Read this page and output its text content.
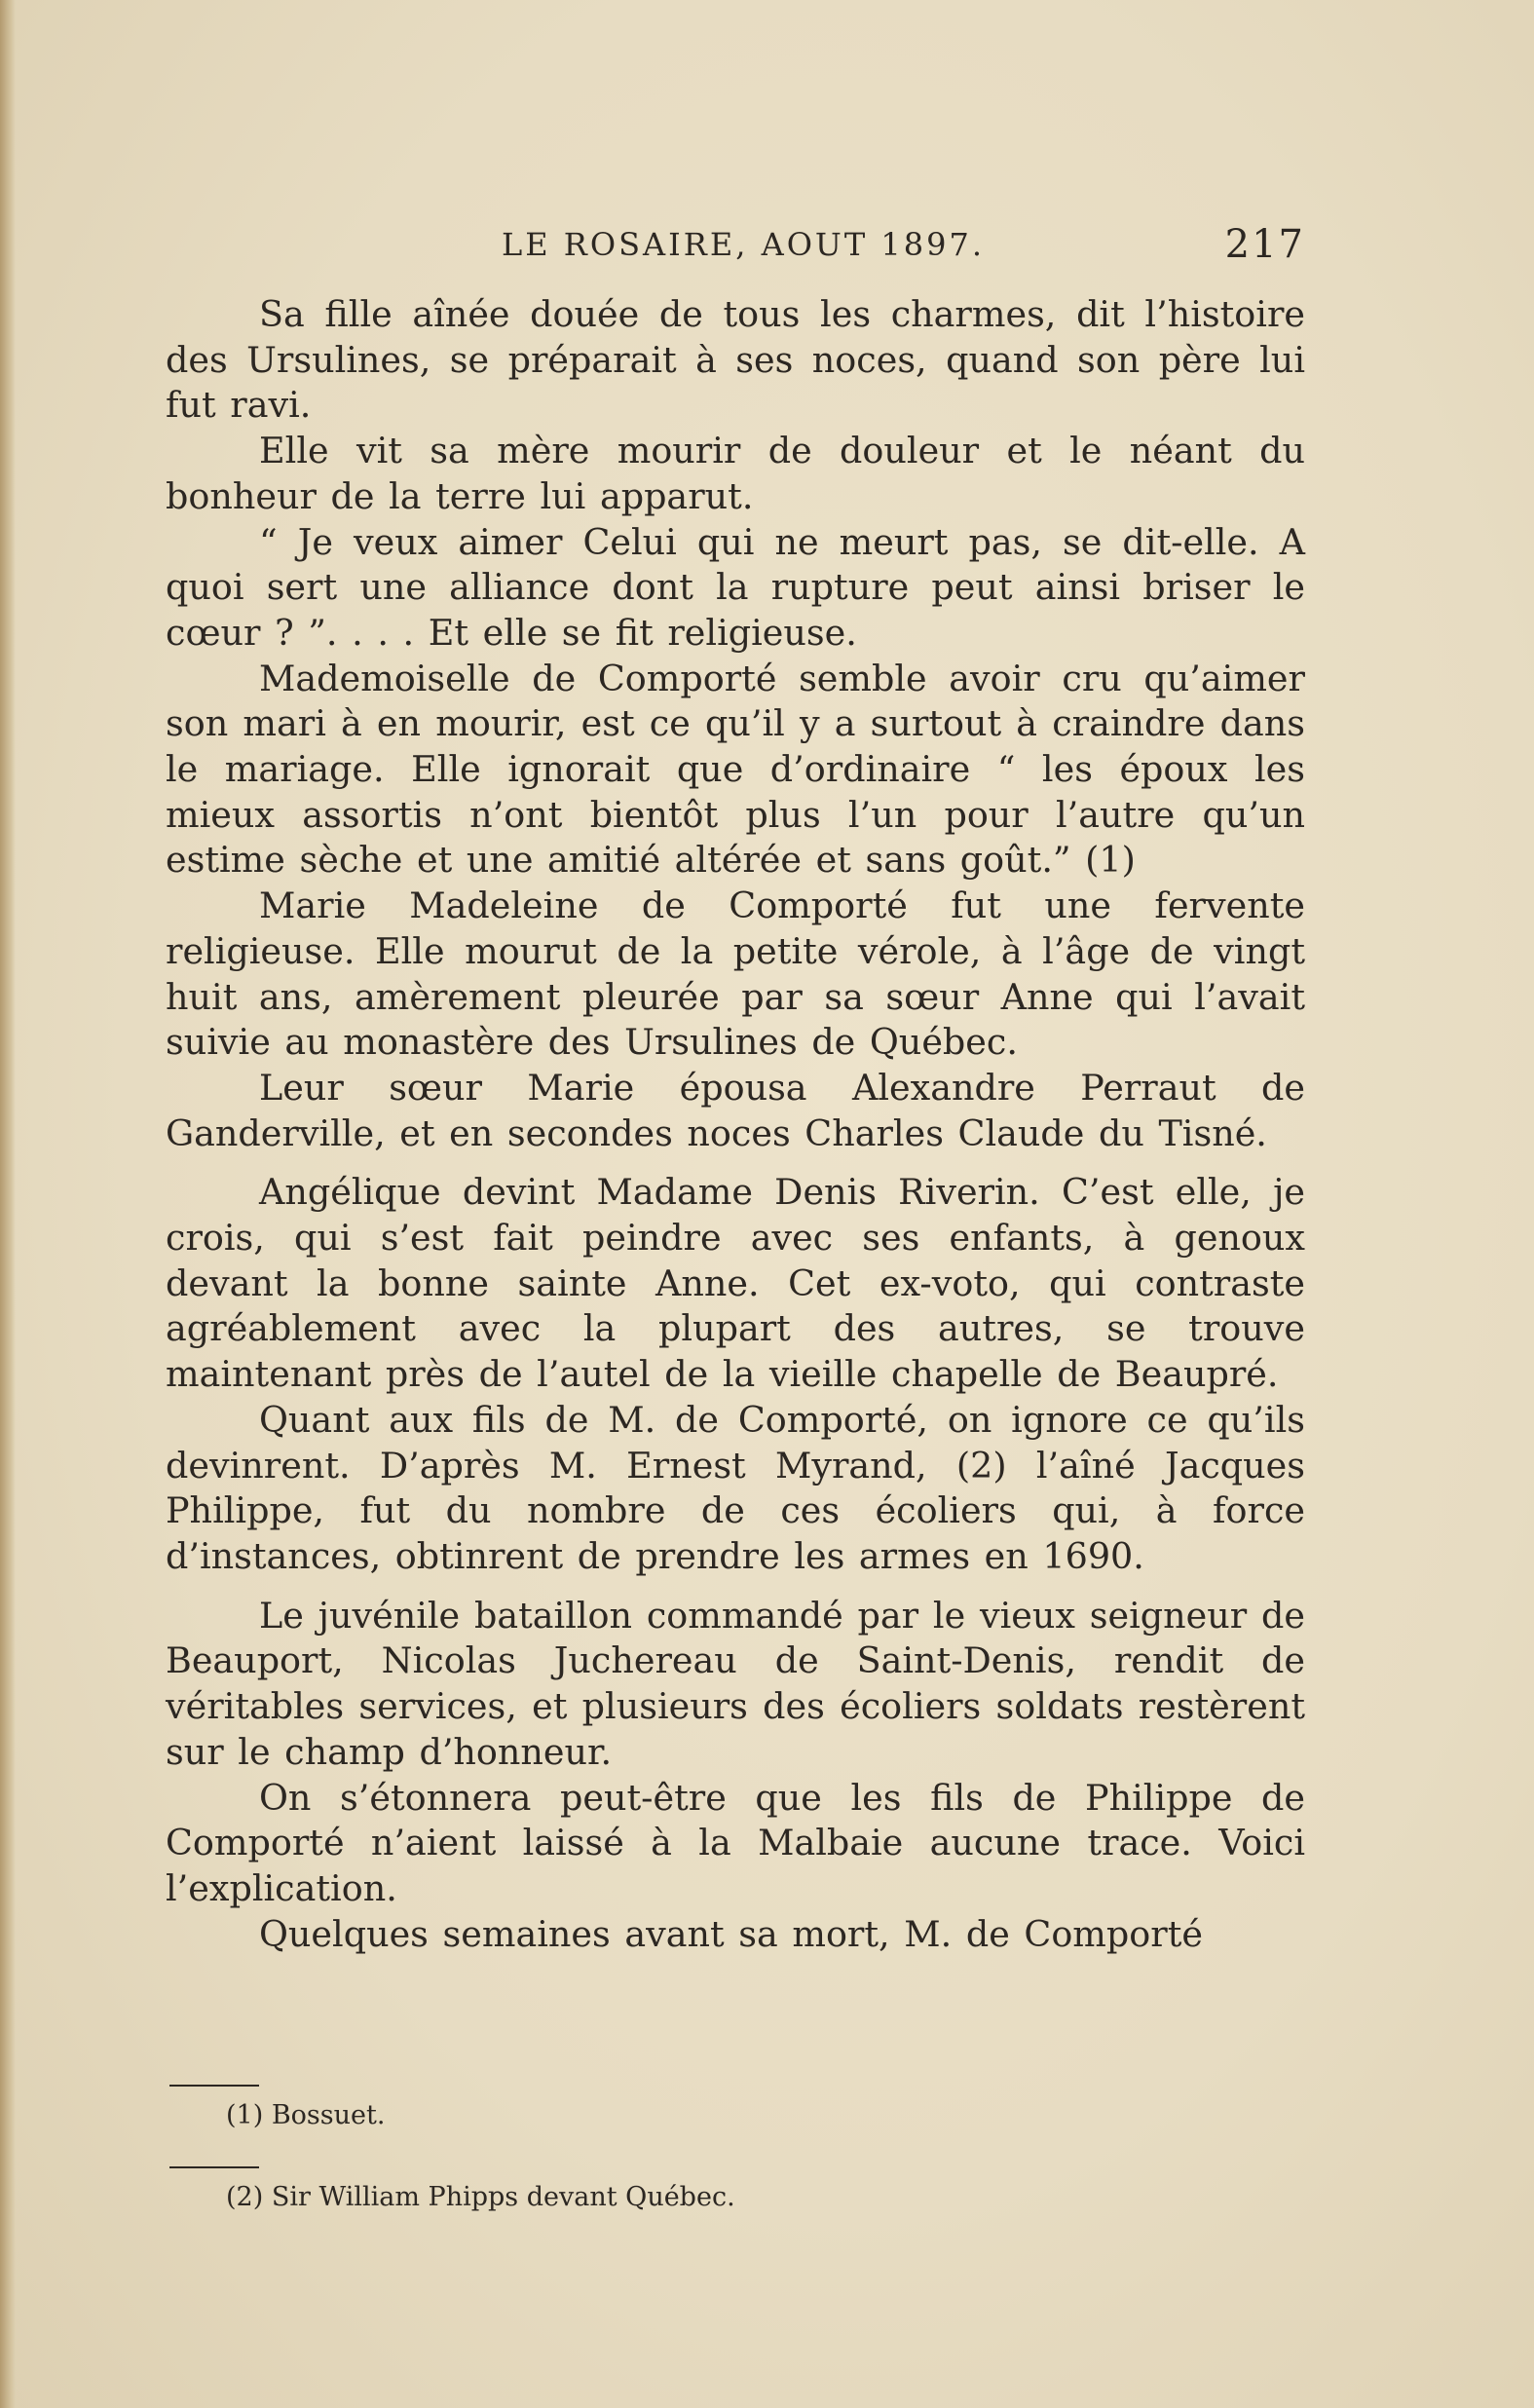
LE ROSAIRE, AOUT 1897.	217

Sa fille aînée douée de tous les charmes, dit l’histoire des Ursulines, se préparait à ses noces, quand son père lui fut ravi.

Elle vit sa mère mourir de douleur et le néant du bonheur de la terre lui apparut.

“ Je veux aimer Celui qui ne meurt pas, se dit-elle. A quoi sert une alliance dont la rupture peut ainsi briser le cœur ? ”. . . . Et elle se fit religieuse.

Mademoiselle de Comporté semble avoir cru qu’aimer son mari à en mourir, est ce qu’il y a surtout à craindre dans le mariage. Elle ignorait que d’ordinaire “ les époux les mieux assortis n’ont bientôt plus l’un pour l’autre qu’un estime sèche et une amitié altérée et sans goût.” (1)

Marie Madeleine de Comporté fut une fervente religieuse. Elle mourut de la petite vérole, à l’âge de vingt huit ans, amèrement pleurée par sa sœur Anne qui l’avait suivie au monastère des Ursulines de Québec.

Leur sœur Marie épousa Alexandre Perraut de Ganderville, et en secondes noces Charles Claude du Tisné.

Angélique devint Madame Denis Riverin. C’est elle, je crois, qui s’est fait peindre avec ses enfants, à genoux devant la bonne sainte Anne. Cet ex-voto, qui contraste agréablement avec la plupart des autres, se trouve maintenant près de l’autel de la vieille chapelle de Beaupré.

Quant aux fils de M. de Comporté, on ignore ce qu’ils devinrent. D’après M. Ernest Myrand, (2) l’aîné Jacques Philippe, fut du nombre de ces écoliers qui, à force d’instances, obtinrent de prendre les armes en 1690.

Le juvénile bataillon commandé par le vieux seigneur de Beauport, Nicolas Juchereau de Saint-Denis, rendit de véritables services, et plusieurs des écoliers soldats restèrent sur le champ d’honneur.

On s’étonnera peut-être que les fils de Philippe de Comporté n’aient laissé à la Malbaie aucune trace. Voici l’explication.

Quelques semaines avant sa mort, M. de Comporté

(1) Bossuet.
(2) Sir William Phipps devant Québec.
